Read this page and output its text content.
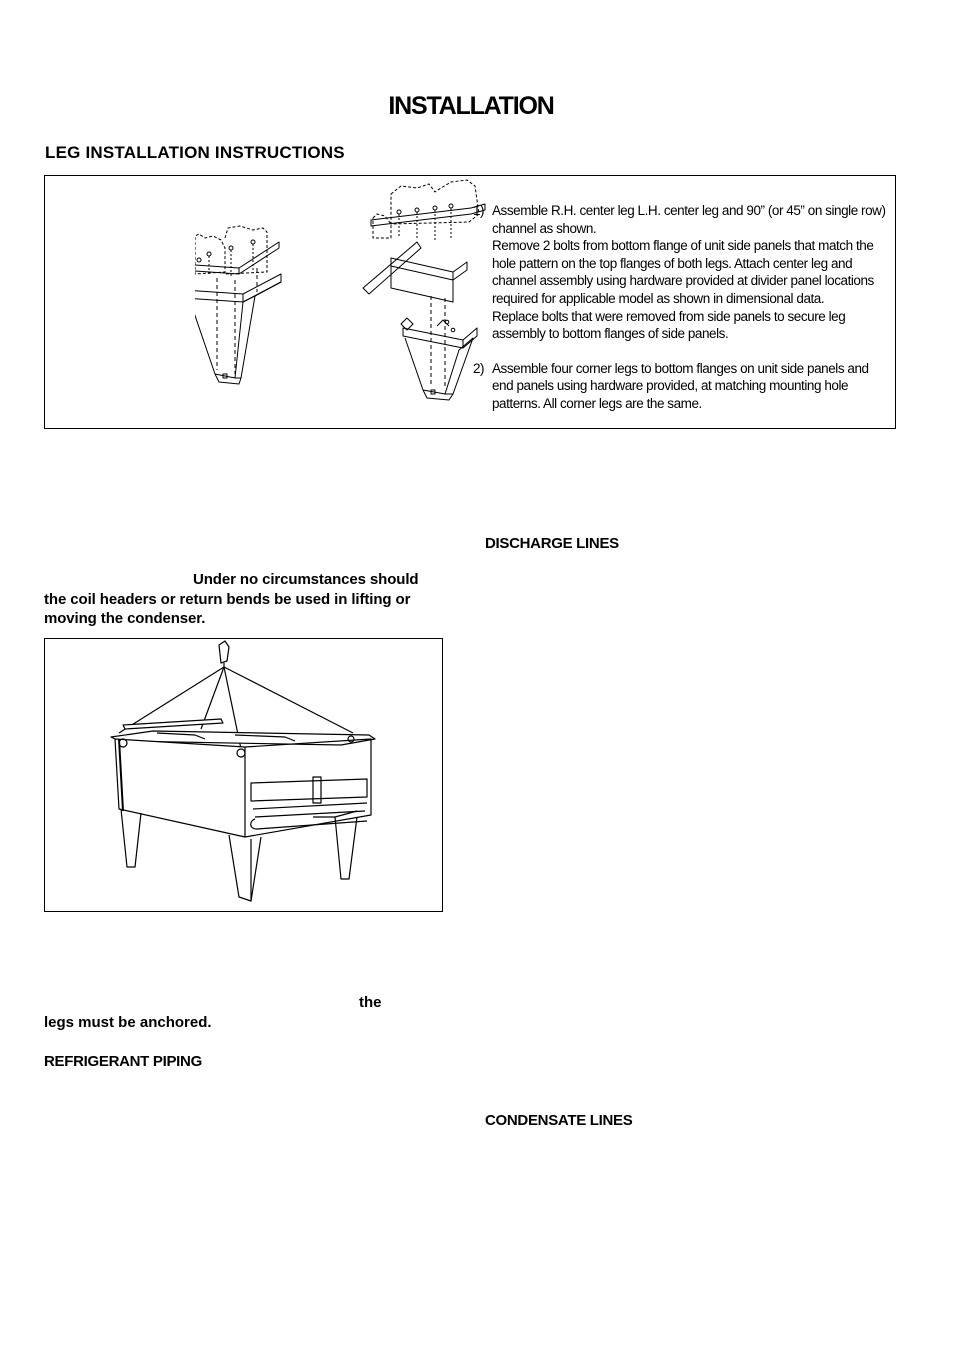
INSTALLATION
LEG INSTALLATION INSTRUCTIONS
1) Assemble R.H. center leg L.H. center leg and 90” (or 45” on single row) channel as shown.

Remove 2 bolts from bottom flange of unit side panels that match the hole pattern on the top flanges of both legs. Attach center leg and channel assembly using hardware provided at divider panel locations required for applicable model as shown in dimensional data.

Replace bolts that were removed from side panels to secure leg assembly to bottom flanges of side panels.

2) Assemble four corner legs to bottom flanges on unit side panels and end panels using hardware provided, at matching mounting hole patterns. All corner legs are the same.

DISCHARGE LINES
Under no circumstances should
the coil headers or return bends be used in lifting or moving the condenser.
the
legs must be anchored.
REFRIGERANT PIPING
CONDENSATE LINES
